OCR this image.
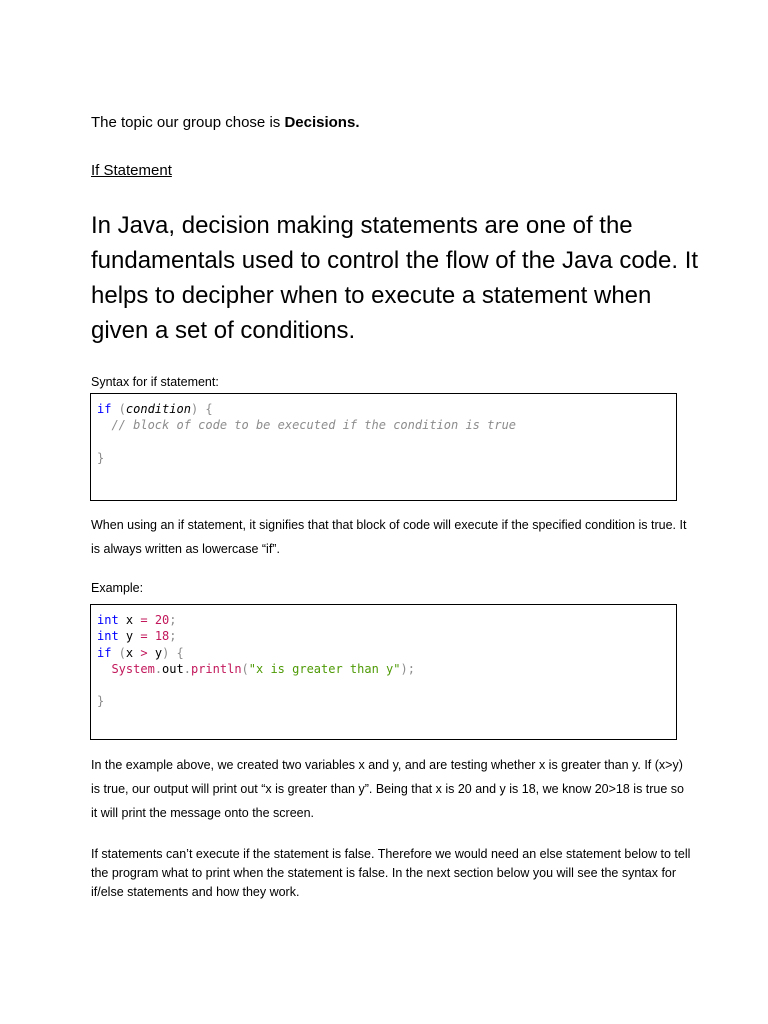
The topic our group chose is Decisions.
If Statement
In Java, decision making statements are one of the fundamentals used to control the flow of the Java code. It helps to decipher when to execute a statement when given a set of conditions.
Syntax for if statement:
if (condition) {
// block of code to be executed if the condition is true
}
When using an if statement, it signifies that that block of code will execute if the specified condition is true. It is always written as lowercase “if”.
Example:
int x = 20;
int y = 18;
if (x > y) {
System.out.println("x is greater than y");
}
In the example above, we created two variables x and y, and are testing whether x is greater than y. If (x>y) is true, our output will print out “x is greater than y”. Being that x is 20 and y is 18, we know 20>18 is true so it will print the message onto the screen.
If statements can’t execute if the statement is false. Therefore we would need an else statement below to tell the program what to print when the statement is false. In the next section below you will see the syntax for if/else statements and how they work.
